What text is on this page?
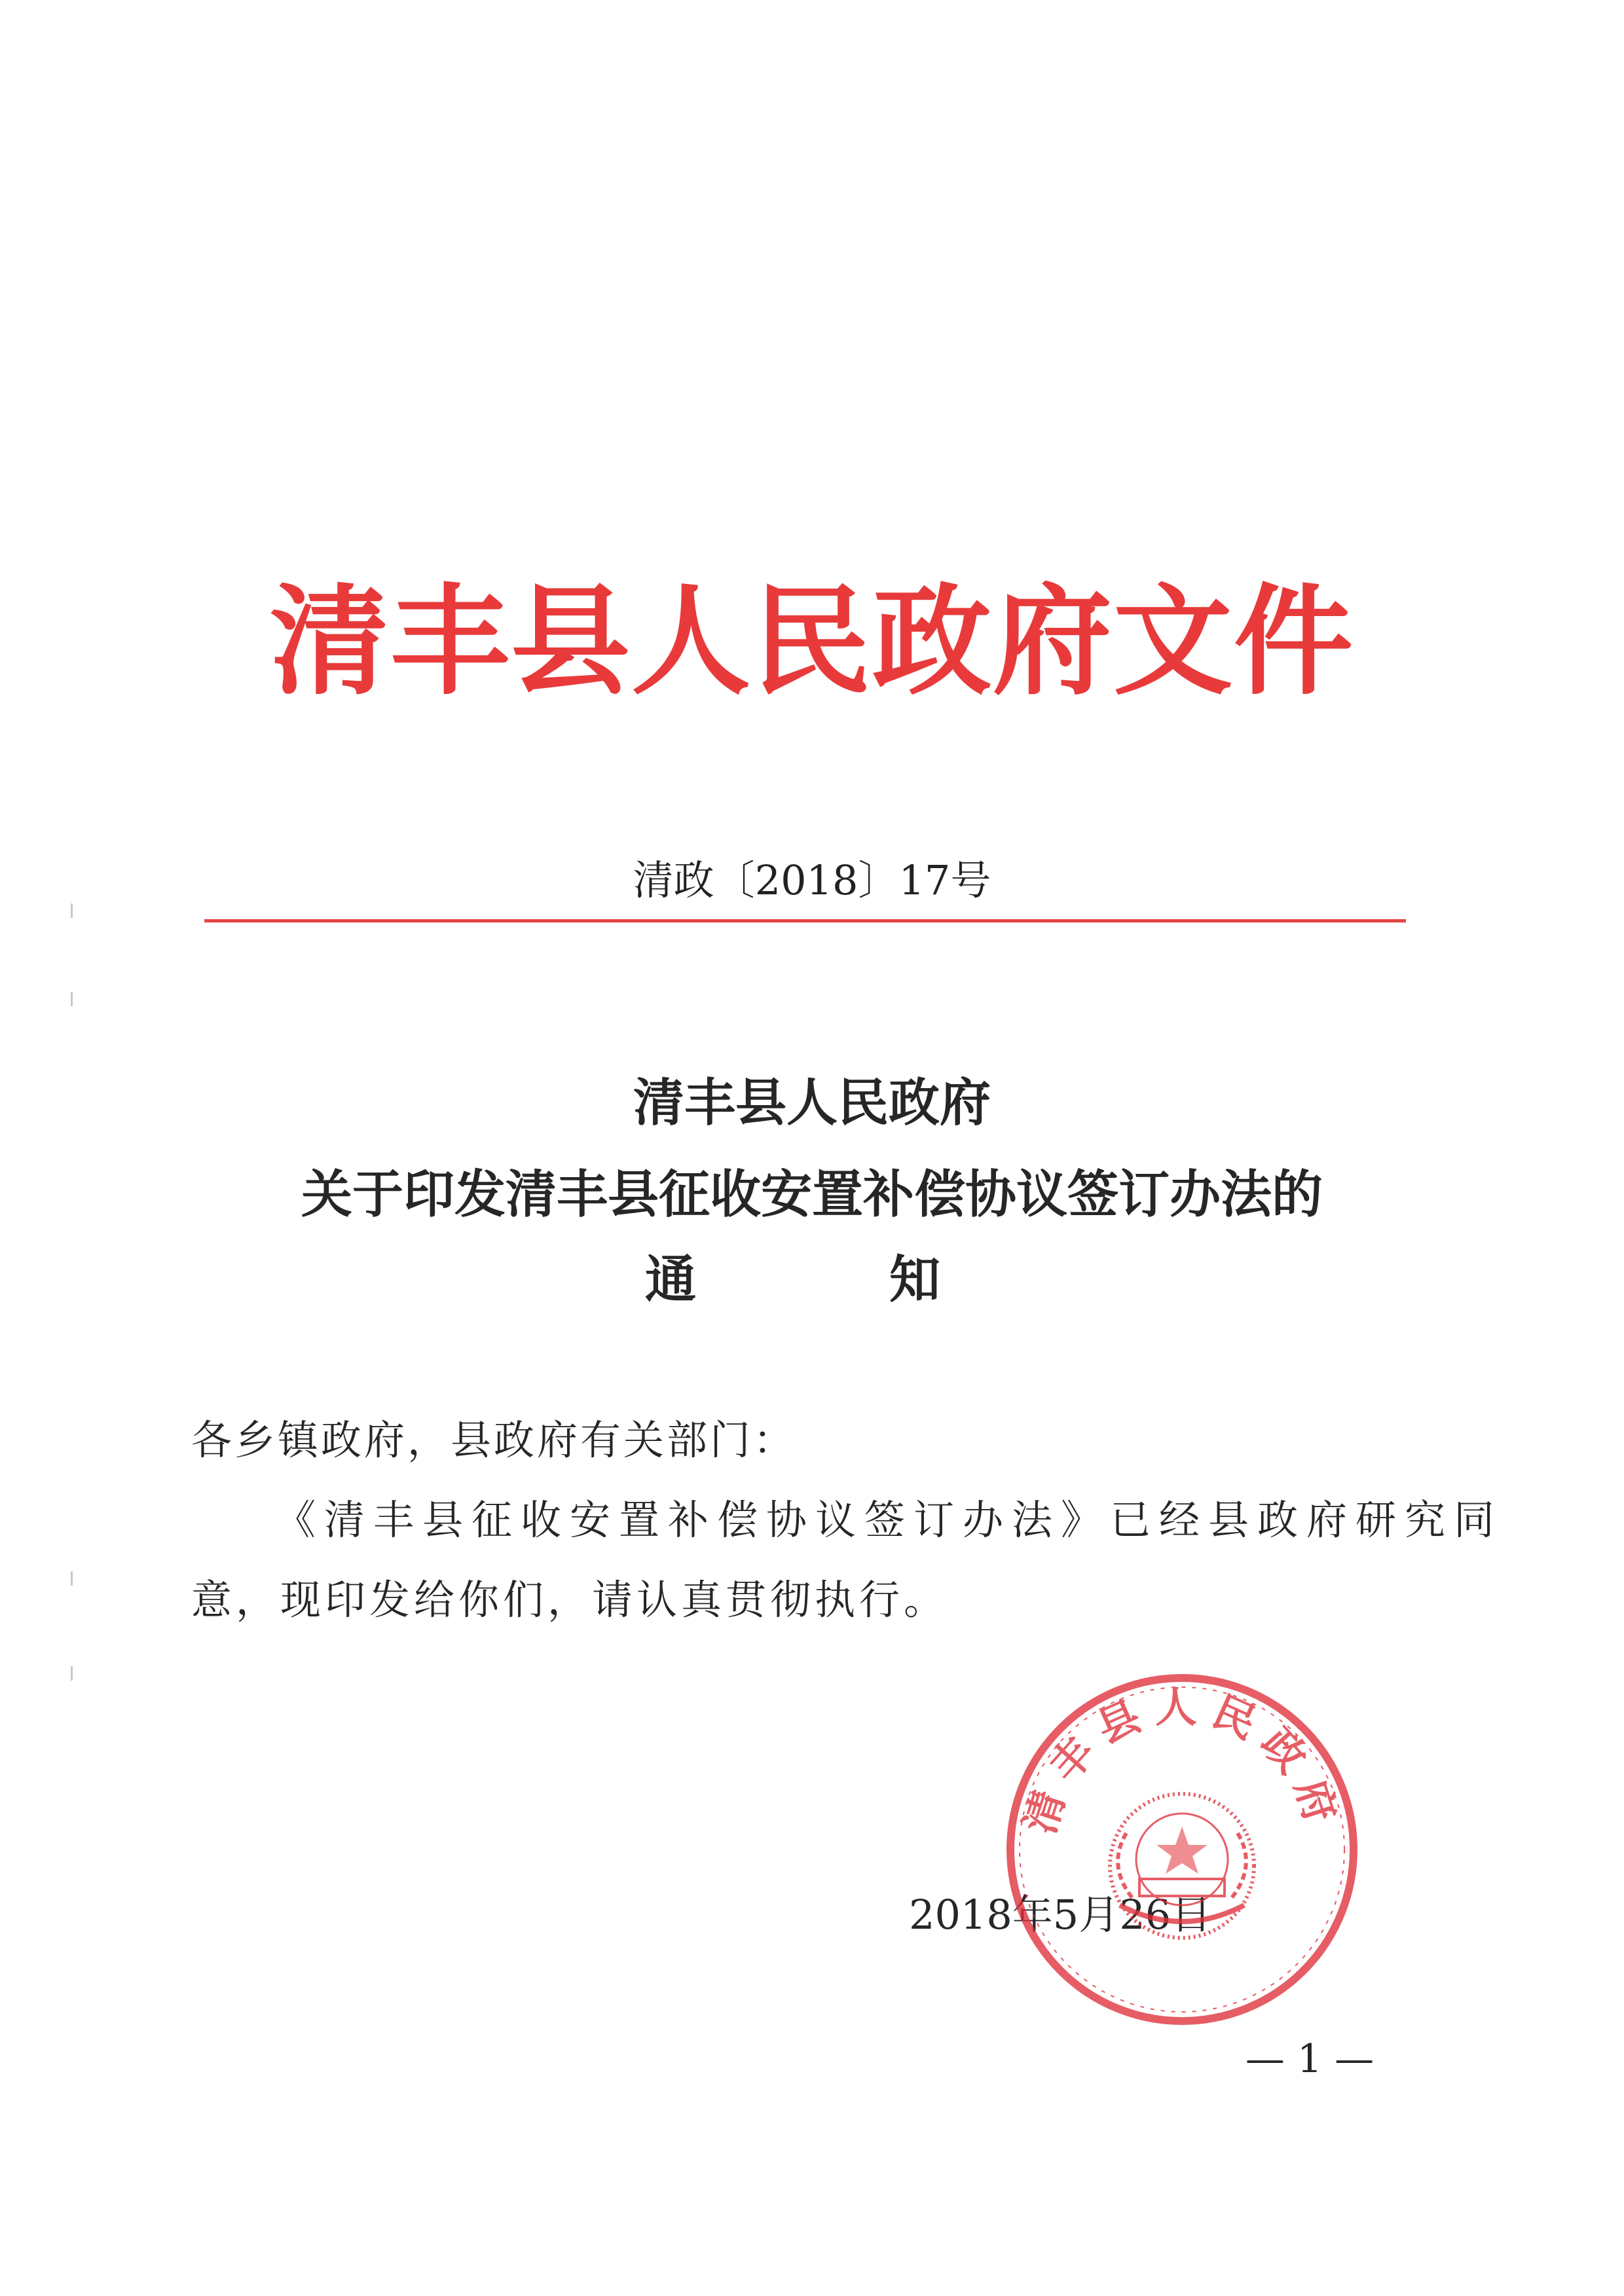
清丰县人民政府文件
清政〔2018〕17号
清丰县人民政府
关于印发清丰县征收安置补偿协议签订办法的
通	知
各乡镇政府，县政府有关部门：
《清丰县征收安置补偿协议签订办法》已经县政府研究同
意，现印发给你们，请认真贯彻执行。
2018年5月26日
清丰县人民政府
— 1 —
